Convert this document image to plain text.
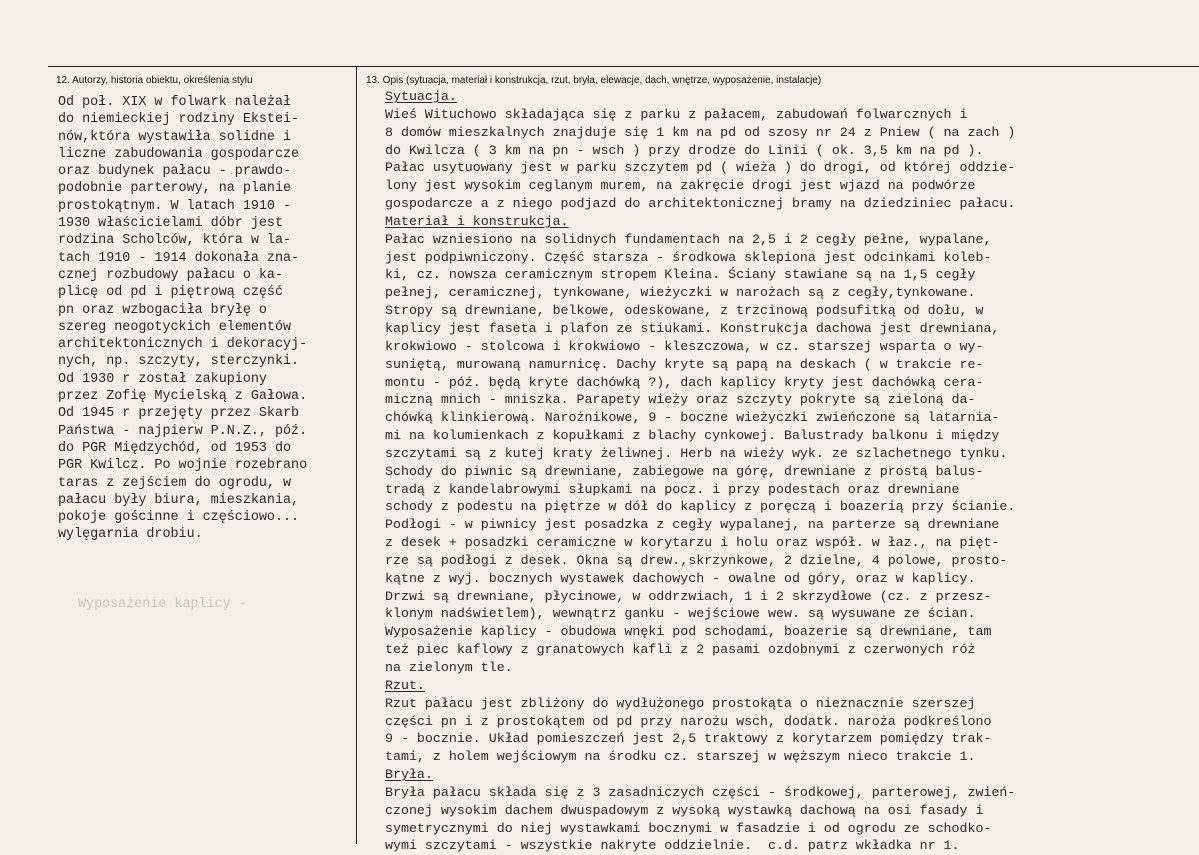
12. Autorzy, historia obiektu, określenia stylu	13. Opis (sytuacja, materiał i konstrukcja, rzut, bryła, elewacje, dach, wnętrze, wyposażenie, instalacje)
Od poł. XIX w folwark należał
do niemieckiej rodziny Ekstei-
nów,która wystawiła solidne i
liczne zabudowania gospodarcze
oraz budynek pałacu - prawdo-
podobnie parterowy, na planie
prostokątnym. W latach 1910 -
1930 właścicielami dóbr jest
rodzina Scholców, która w la-
tach 1910 - 1914 dokonała zna-
cznej rozbudowy pałacu o ka-
plicę od pd i piętrową część
pn oraz wzbogaciła bryłę o
szereg neogotyckich elementów
architektonicznych i dekoracyj-
nych, np. szczyty, sterczynki.
Od 1930 r został zakupiony
przez Zofię Mycielską z Gałowa.
Od 1945 r przejęty przez Skarb
Państwa - najpierw P.N.Z., póź.
do PGR Międzychód, od 1953 do
PGR Kwilcz. Po wojnie rozebrano
taras z zejściem do ogrodu, w
pałacu były biura, mieszkania,
pokoje gościnne i częściowo...
wylęgarnia drobiu.
Wyposażenie kaplicy -
Sytuacja.
Wieś Wituchowo składająca się z parku z pałacem, zabudowań folwarcznych i
8 domów mieszkalnych znajduje się 1 km na pd od szosy nr 24 z Pniew ( na zach )
do Kwilcza ( 3 km na pn - wsch ) przy drodze do Linii ( ok. 3,5 km na pd ).
Pałac usytuowany jest w parku szczytem pd ( wieża ) do drogi, od której oddzie-
lony jest wysokim ceglanym murem, na zakręcie drogi jest wjazd na podwórze
gospodarcze a z niego podjazd do architektonicznej bramy na dziedziniec pałacu.
Materiał i konstrukcja.
Pałac wzniesiono na solidnych fundamentach na 2,5 i 2 cegły pełne, wypalane,
jest podpiwniczony. Część starsza - środkowa sklepiona jest odcinkami koleb-
ki, cz. nowsza ceramicznym stropem Kleina. Ściany stawiane są na 1,5 cegły
pełnej, ceramicznej, tynkowane, wieżyczki w narożach są z cegły,tynkowane.
Stropy są drewniane, belkowe, odeskowane, z trzcinową podsufitką od dołu, w
kaplicy jest faseta i plafon ze stiukami. Konstrukcja dachowa jest drewniana,
krokwiowo - stolcowa i krokwiowo - kleszczowa, w cz. starszej wsparta o wy-
suniętą, murowaną namurnicę. Dachy kryte są papą na deskach ( w trakcie re-
montu - póź. będą kryte dachówką ?), dach kaplicy kryty jest dachówką cera-
miczną mnich - mniszka. Parapety wieży oraz szczyty pokryte są zieloną da-
chówką klinkierową. Narożnikowe, 9 - boczne wieżyczki zwieńczone są latarnia-
mi na kolumienkach z kopułkami z blachy cynkowej. Balustrady balkonu i między
szczytami są z kutej kraty żeliwnej. Herb na wieży wyk. ze szlachetnego tynku.
Schody do piwnic są drewniane, zabiegowe na górę, drewniane z prostą balus-
tradą z kandelabrowymi słupkami na pocz. i przy podestach oraz drewniane
schody z podestu na piętrze w dół do kaplicy z poręczą i boazerią przy ścianie.
Podłogi - w piwnicy jest posadzka z cegły wypalanej, na parterze są drewniane
z desek + posadzki ceramiczne w korytarzu i holu oraz współ. w łaz., na pięt-
rze są podłogi z desek. Okna są drew.,skrzynkowe, 2 dzielne, 4 polowe, prosto-
kątne z wyj. bocznych wystawek dachowych - owalne od góry, oraz w kaplicy.
Drzwi są drewniane, płycinowe, w oddrzwiach, 1 i 2 skrzydłowe (cz. z przesz-
klonym nadświetlem), wewnątrz ganku - wejściowe wew. są wysuwane ze ścian.
Wyposażenie kaplicy - obudowa wnęki pod schodami, boazerie są drewniane, tam
też piec kaflowy z granatowych kafli z 2 pasami ozdobnymi z czerwonych róż
na zielonym tle.
Rzut.
Rzut pałacu jest zbliżony do wydłużonego prostokąta o nieznacznie szerszej
części pn i z prostokątem od pd przy narożu wsch, dodatk. naroża podkreślono
9 - bocznie. Układ pomieszczeń jest 2,5 traktowy z korytarzem pomiędzy trak-
tami, z holem wejściowym na środku cz. starszej w węższym nieco trakcie 1.
Bryła.
Bryła pałacu składa się z 3 zasadniczych części - środkowej, parterowej, zwień-
czonej wysokim dachem dwuspadowym z wysoką wystawką dachową na osi fasady i
symetrycznymi do niej wystawkami bocznymi w fasadzie i od ogrodu ze schodko-
wymi szczytami - wszystkie nakryte oddzielnie.  c.d. patrz wkładka nr 1.
